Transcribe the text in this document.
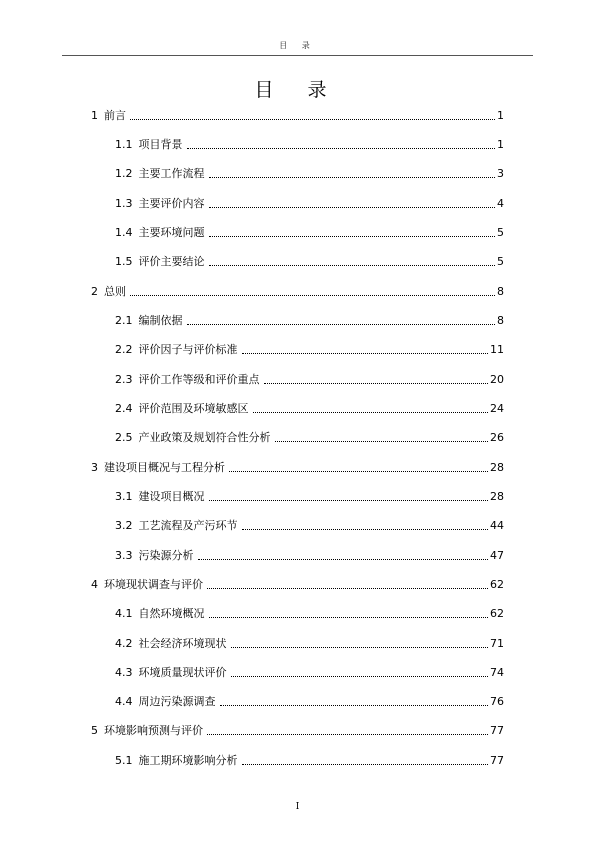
目 录
目 录
1 前言	1
1.1 项目背景	1
1.2 主要工作流程	3
1.3 主要评价内容	4
1.4 主要环境问题	5
1.5 评价主要结论	5
2 总则	8
2.1 编制依据	8
2.2 评价因子与评价标准	11
2.3 评价工作等级和评价重点	20
2.4 评价范围及环境敏感区	24
2.5 产业政策及规划符合性分析	26
3 建设项目概况与工程分析	28
3.1 建设项目概况	28
3.2 工艺流程及产污环节	44
3.3 污染源分析	47
4 环境现状调查与评价	62
4.1 自然环境概况	62
4.2 社会经济环境现状	71
4.3 环境质量现状评价	74
4.4 周边污染源调查	76
5 环境影响预测与评价	77
5.1 施工期环境影响分析	77
I
